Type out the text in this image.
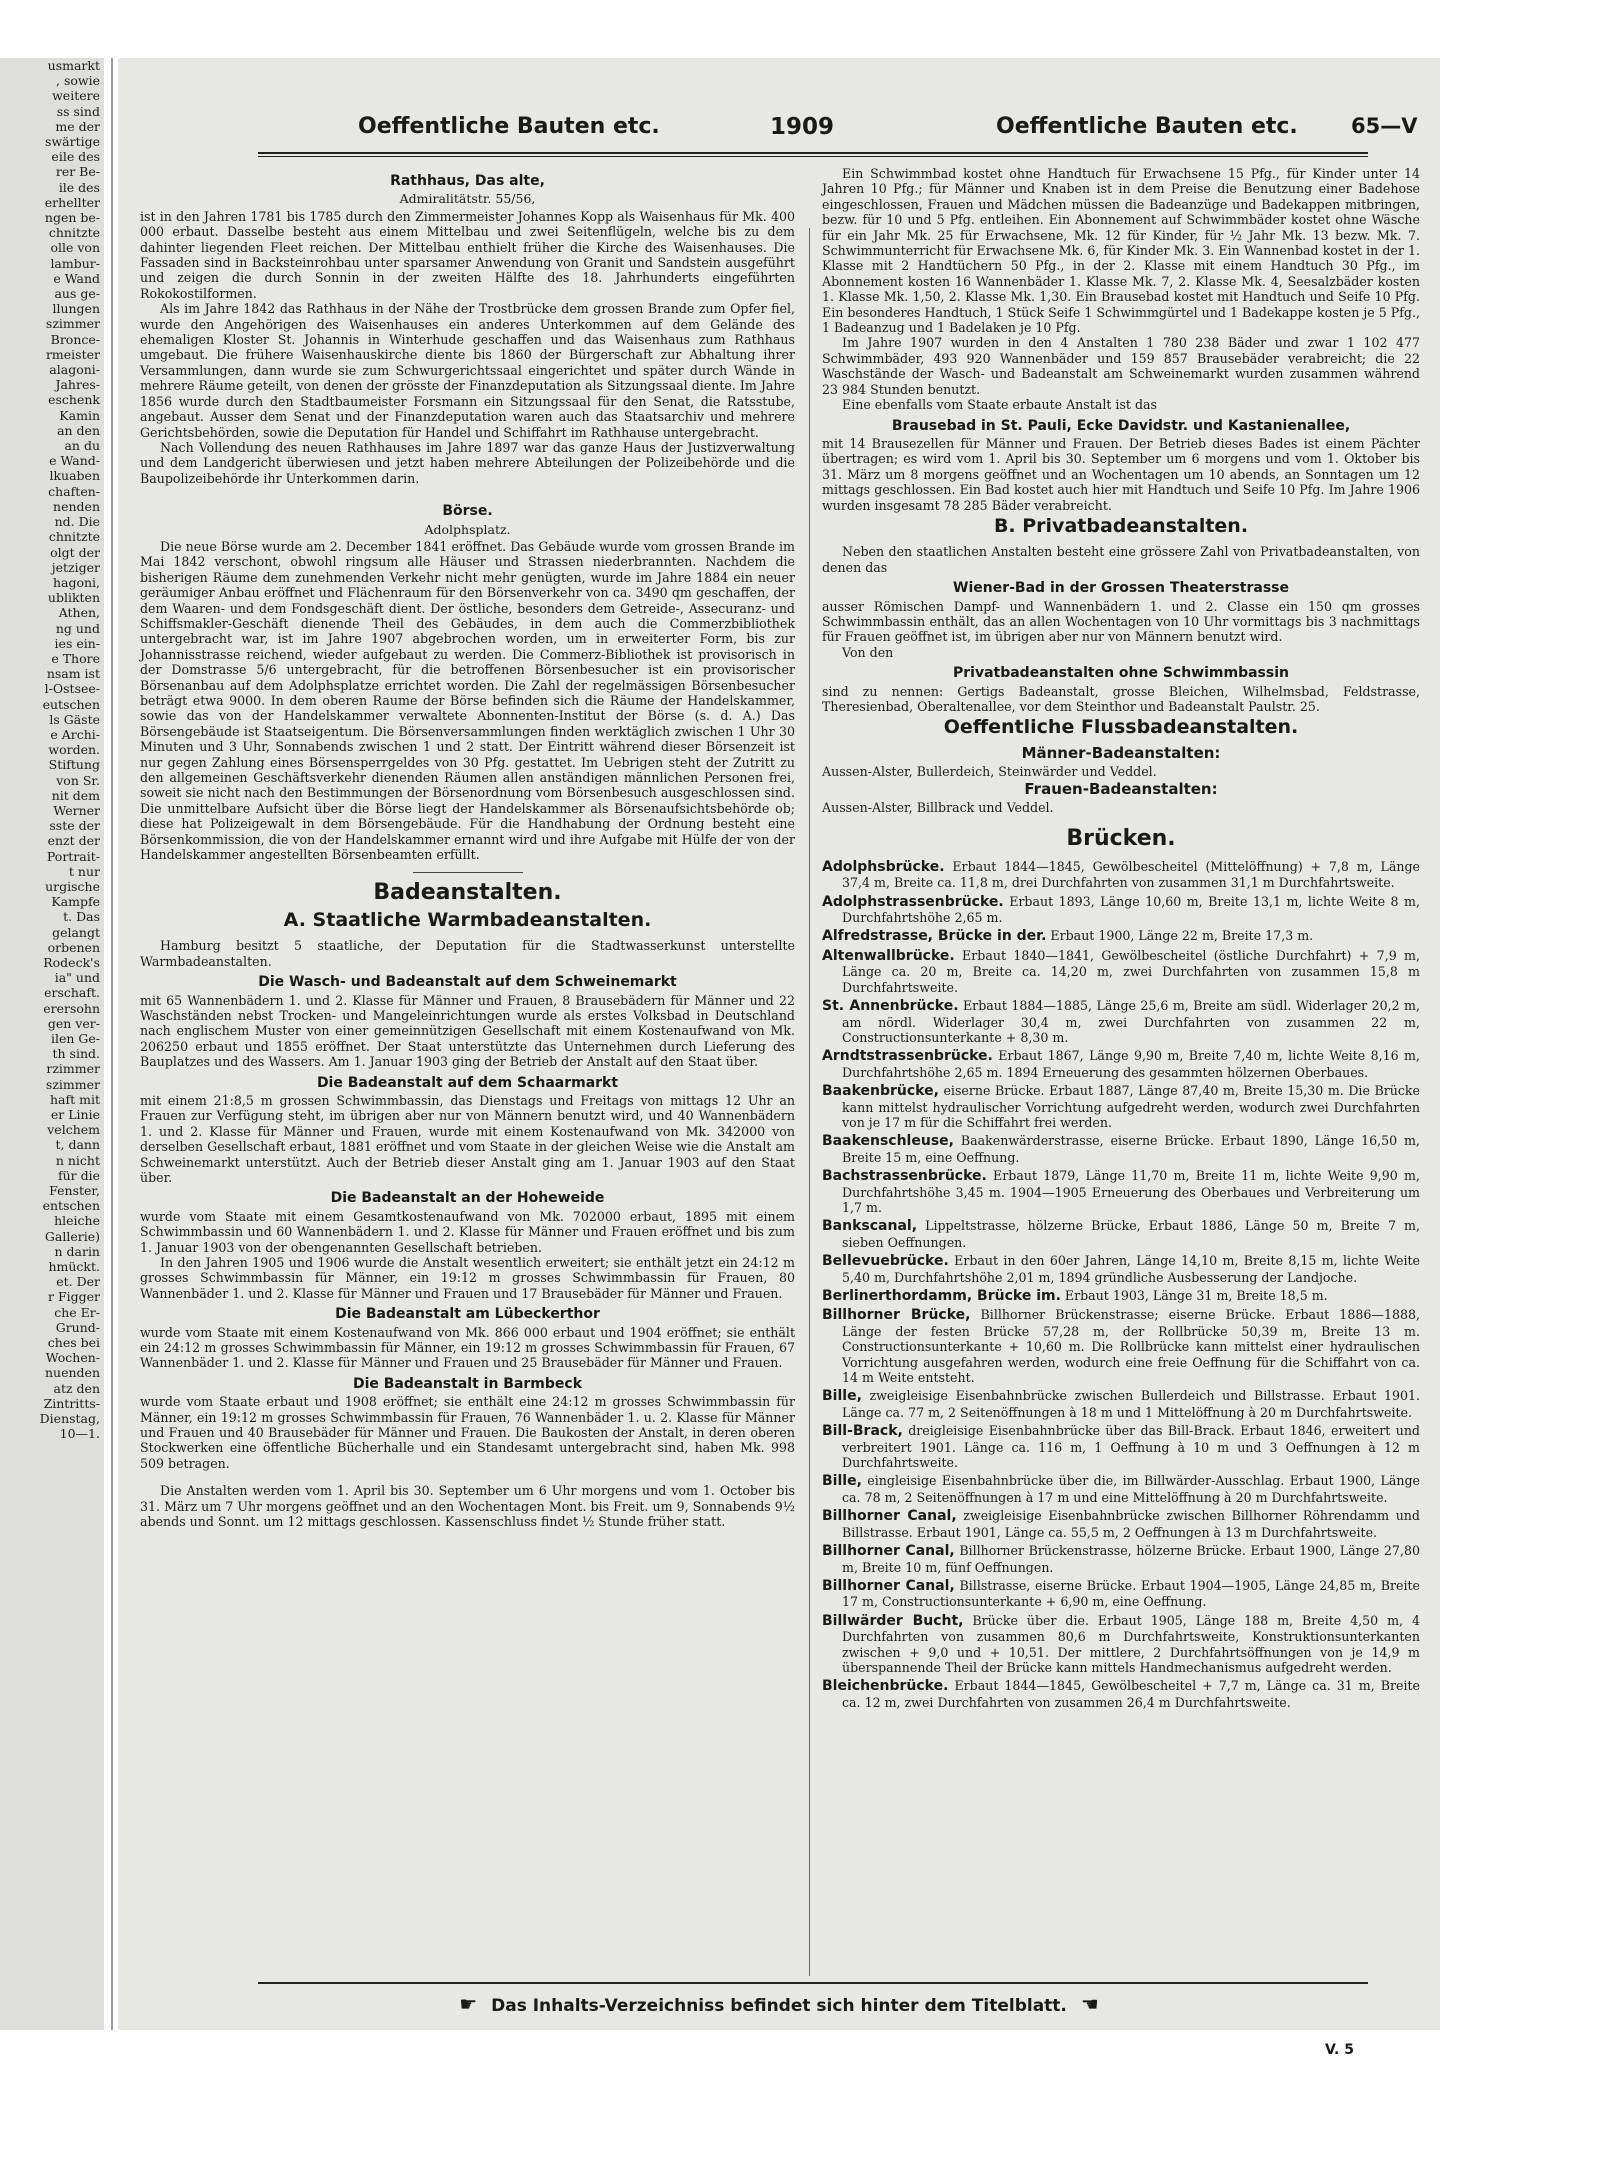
usmarkt
, sowie
weitere
ss sind
me der
swärtige
eile des
rer Be-
ile des
erhellter
ngen be-
chnitzte
olle von
lambur-
e Wand
aus ge-
llungen
szimmer
Bronce-
rmeister
alagoni-
Jahres-
eschenk
Kamin
an den
an du
e Wand-
lkuaben
chaften-
nenden
nd. Die
chnitzte
olgt der
jetziger
hagoni,
ublikten
Athen,
ng und
ies ein-
e Thore
nsam ist
l-Ostsee-
eutschen
ls Gäste
e Archi-
worden.
Stiftung
von Sr.
nit dem
Werner
sste der
enzt der
Portrait-
t nur
urgische
Kampfe
t. Das
gelangt
orbenen
Rodeck's
ia" und
erschaft.
erersohn
gen ver-
ilen Ge-
th sind.
rzimmer
szimmer
haft mit
er Linie
velchem
t, dann
n nicht
für die
Fenster,
entschen
hleiche
Gallerie)
n darin
hmückt.
et. Der
r Figger
che Er-
Grund-
ches bei
Wochen-
nuenden
atz den
Zintritts-
Dienstag,
10—1.
Oeffentliche Bauten etc.	1909	Oeffentliche Bauten etc.	65—V
Rathhaus, Das alte,
Admiralitätstr. 55/56,

ist in den Jahren 1781 bis 1785 durch den Zimmermeister Johannes Kopp als Waisenhaus für Mk. 400 000 erbaut. Dasselbe besteht aus einem Mittelbau und zwei Seitenflügeln, welche bis zu dem dahinter liegenden Fleet reichen. Der Mittelbau enthielt früher die Kirche des Waisenhauses. Die Fassaden sind in Backsteinrohbau unter sparsamer Anwendung von Granit und Sandstein ausgeführt und zeigen die durch Sonnin in der zweiten Hälfte des 18. Jahrhunderts eingeführten Rokokostilformen.

Als im Jahre 1842 das Rathhaus in der Nähe der Trostbrücke dem grossen Brande zum Opfer fiel, wurde den Angehörigen des Waisenhauses ein anderes Unterkommen auf dem Gelände des ehemaligen Kloster St. Johannis in Winterhude geschaffen und das Waisenhaus zum Rathhaus umgebaut. Die frühere Waisenhauskirche diente bis 1860 der Bürgerschaft zur Abhaltung ihrer Versammlungen, dann wurde sie zum Schwurgerichtssaal eingerichtet und später durch Wände in mehrere Räume geteilt, von denen der grösste der Finanzdeputation als Sitzungssaal diente. Im Jahre 1856 wurde durch den Stadtbaumeister Forsmann ein Sitzungssaal für den Senat, die Ratsstube, angebaut. Ausser dem Senat und der Finanzdeputation waren auch das Staatsarchiv und mehrere Gerichtsbehörden, sowie die Deputation für Handel und Schiffahrt im Rathhause untergebracht.

Nach Vollendung des neuen Rathhauses im Jahre 1897 war das ganze Haus der Justizverwaltung und dem Landgericht überwiesen und jetzt haben mehrere Abteilungen der Polizeibehörde und die Baupolizeibehörde ihr Unterkommen darin.

Börse.
Adolphsplatz.

Die neue Börse wurde am 2. December 1841 eröffnet. Das Gebäude wurde vom grossen Brande im Mai 1842 verschont, obwohl ringsum alle Häuser und Strassen niederbrannten. Nachdem die bisherigen Räume dem zunehmenden Verkehr nicht mehr genügten, wurde im Jahre 1884 ein neuer geräumiger Anbau eröffnet und Flächenraum für den Börsenverkehr von ca. 3490 qm geschaffen, der dem Waaren- und dem Fondsgeschäft dient. Der östliche, besonders dem Getreide-, Assecuranz- und Schiffsmakler-Geschäft dienende Theil des Gebäudes, in dem auch die Commerzbibliothek untergebracht war, ist im Jahre 1907 abgebrochen worden, um in erweiterter Form, bis zur Johannisstrasse reichend, wieder aufgebaut zu werden. Die Commerz-Bibliothek ist provisorisch in der Domstrasse 5/6 untergebracht, für die betroffenen Börsenbesucher ist ein provisorischer Börsenanbau auf dem Adolphsplatze errichtet worden. Die Zahl der regelmässigen Börsenbesucher beträgt etwa 9000. In dem oberen Raume der Börse befinden sich die Räume der Handelskammer, sowie das von der Handelskammer verwaltete Abonnenten-Institut der Börse (s. d. A.) Das Börsengebäude ist Staatseigentum. Die Börsenversammlungen finden werktäglich zwischen 1 Uhr 30 Minuten und 3 Uhr, Sonnabends zwischen 1 und 2 statt. Der Eintritt während dieser Börsenzeit ist nur gegen Zahlung eines Börsensperrgeldes von 30 Pfg. gestattet. Im Uebrigen steht der Zutritt zu den allgemeinen Geschäftsverkehr dienenden Räumen allen anständigen männlichen Personen frei, soweit sie nicht nach den Bestimmungen der Börsenordnung vom Börsenbesuch ausgeschlossen sind. Die unmittelbare Aufsicht über die Börse liegt der Handelskammer als Börsenaufsichtsbehörde ob; diese hat Polizeigewalt in dem Börsengebäude. Für die Handhabung der Ordnung besteht eine Börsenkommission, die von der Handelskammer ernannt wird und ihre Aufgabe mit Hülfe der von der Handelskammer angestellten Börsenbeamten erfüllt.

Badeanstalten.
A. Staatliche Warmbadeanstalten.

Hamburg besitzt 5 staatliche, der Deputation für die Stadtwasserkunst unterstellte Warmbadeanstalten.

Die Wasch- und Badeanstalt auf dem Schweinemarkt

mit 65 Wannenbädern 1. und 2. Klasse für Männer und Frauen, 8 Brausebädern für Männer und 22 Waschständen nebst Trocken- und Mangeleinrichtungen wurde als erstes Volksbad in Deutschland nach englischem Muster von einer gemeinnützigen Gesellschaft mit einem Kostenaufwand von Mk. 206250 erbaut und 1855 eröffnet. Der Staat unterstützte das Unternehmen durch Lieferung des Bauplatzes und des Wassers. Am 1. Januar 1903 ging der Betrieb der Anstalt auf den Staat über.

Die Badeanstalt auf dem Schaarmarkt

mit einem 21:8,5 m grossen Schwimmbassin, das Dienstags und Freitags von mittags 12 Uhr an Frauen zur Verfügung steht, im übrigen aber nur von Männern benutzt wird, und 40 Wannenbädern 1. und 2. Klasse für Männer und Frauen, wurde mit einem Kostenaufwand von Mk. 342000 von derselben Gesellschaft erbaut, 1881 eröffnet und vom Staate in der gleichen Weise wie die Anstalt am Schweinemarkt unterstützt. Auch der Betrieb dieser Anstalt ging am 1. Januar 1903 auf den Staat über.

Die Badeanstalt an der Hoheweide

wurde vom Staate mit einem Gesamtkostenaufwand von Mk. 702000 erbaut, 1895 mit einem Schwimmbassin und 60 Wannenbädern 1. und 2. Klasse für Männer und Frauen eröffnet und bis zum 1. Januar 1903 von der obengenannten Gesellschaft betrieben.

In den Jahren 1905 und 1906 wurde die Anstalt wesentlich erweitert; sie enthält jetzt ein 24:12 m grosses Schwimmbassin für Männer, ein 19:12 m grosses Schwimmbassin für Frauen, 80 Wannenbäder 1. und 2. Klasse für Männer und Frauen und 17 Brausebäder für Männer und Frauen.

Die Badeanstalt am Lübeckerthor

wurde vom Staate mit einem Kostenaufwand von Mk. 866 000 erbaut und 1904 eröffnet; sie enthält ein 24:12 m grosses Schwimmbassin für Männer, ein 19:12 m grosses Schwimmbassin für Frauen, 67 Wannenbäder 1. und 2. Klasse für Männer und Frauen und 25 Brausebäder für Männer und Frauen.

Die Badeanstalt in Barmbeck

wurde vom Staate erbaut und 1908 eröffnet; sie enthält eine 24:12 m grosses Schwimmbassin für Männer, ein 19:12 m grosses Schwimmbassin für Frauen, 76 Wannenbäder 1. u. 2. Klasse für Männer und Frauen und 40 Brausebäder für Männer und Frauen. Die Baukosten der Anstalt, in deren oberen Stockwerken eine öffentliche Bücherhalle und ein Standesamt untergebracht sind, haben Mk. 998 509 betragen.

Die Anstalten werden vom 1. April bis 30. September um 6 Uhr morgens und vom 1. October bis 31. März um 7 Uhr morgens geöffnet und an den Wochentagen Mont. bis Freit. um 9, Sonnabends 9½ abends und Sonnt. um 12 mittags geschlossen. Kassenschluss findet ½ Stunde früher statt.

Ein Schwimmbad kostet ohne Handtuch für Erwachsene 15 Pfg., für Kinder unter 14 Jahren 10 Pfg.; für Männer und Knaben ist in dem Preise die Benutzung einer Badehose eingeschlossen, Frauen und Mädchen müssen die Badeanzüge und Badekappen mitbringen, bezw. für 10 und 5 Pfg. entleihen. Ein Abonnement auf Schwimmbäder kostet ohne Wäsche für ein Jahr Mk. 25 für Erwachsene, Mk. 12 für Kinder, für ½ Jahr Mk. 13 bezw. Mk. 7. Schwimmunterricht für Erwachsene Mk. 6, für Kinder Mk. 3. Ein Wannenbad kostet in der 1. Klasse mit 2 Handtüchern 50 Pfg., in der 2. Klasse mit einem Handtuch 30 Pfg., im Abonnement kosten 16 Wannenbäder 1. Klasse Mk. 7, 2. Klasse Mk. 4, Seesalzbäder kosten 1. Klasse Mk. 1,50, 2. Klasse Mk. 1,30. Ein Brausebad kostet mit Handtuch und Seife 10 Pfg. Ein besonderes Handtuch, 1 Stück Seife 1 Schwimmgürtel und 1 Badekappe kosten je 5 Pfg., 1 Badeanzug und 1 Badelaken je 10 Pfg.

Im Jahre 1907 wurden in den 4 Anstalten 1 780 238 Bäder und zwar 1 102 477 Schwimmbäder, 493 920 Wannenbäder und 159 857 Brausebäder verabreicht; die 22 Waschstände der Wasch- und Badeanstalt am Schweinemarkt wurden zusammen während 23 984 Stunden benutzt.

Eine ebenfalls vom Staate erbaute Anstalt ist das

Brausebad in St. Pauli, Ecke Davidstr. und Kastanienallee,

mit 14 Brausezellen für Männer und Frauen. Der Betrieb dieses Bades ist einem Pächter übertragen; es wird vom 1. April bis 30. September um 6 morgens und vom 1. Oktober bis 31. März um 8 morgens geöffnet und an Wochentagen um 10 abends, an Sonntagen um 12 mittags geschlossen. Ein Bad kostet auch hier mit Handtuch und Seife 10 Pfg. Im Jahre 1906 wurden insgesamt 78 285 Bäder verabreicht.

B. Privatbadeanstalten.

Neben den staatlichen Anstalten besteht eine grössere Zahl von Privatbadeanstalten, von denen das

Wiener-Bad in der Grossen Theaterstrasse

ausser Römischen Dampf- und Wannenbädern 1. und 2. Classe ein 150 qm grosses Schwimmbassin enthält, das an allen Wochentagen von 10 Uhr vormittags bis 3 nachmittags für Frauen geöffnet ist, im übrigen aber nur von Männern benutzt wird.

Von den

Privatbadeanstalten ohne Schwimmbassin

sind zu nennen: Gertigs Badeanstalt, grosse Bleichen, Wilhelmsbad, Feldstrasse, Theresienbad, Oberaltenallee, vor dem Steinthor und Badeanstalt Paulstr. 25.

Oeffentliche Flussbadeanstalten.
Männer-Badeanstalten:

Aussen-Alster, Bullerdeich, Steinwärder und Veddel.

Frauen-Badeanstalten:

Aussen-Alster, Billbrack und Veddel.

Brücken.

Adolphsbrücke. Erbaut 1844—1845, Gewölbescheitel (Mittelöffnung) + 7,8 m, Länge 37,4 m, Breite ca. 11,8 m, drei Durchfahrten von zusammen 31,1 m Durchfahrtsweite.

Adolphstrassenbrücke. Erbaut 1893, Länge 10,60 m, Breite 13,1 m, lichte Weite 8 m, Durchfahrtshöhe 2,65 m.

Alfredstrasse, Brücke in der. Erbaut 1900, Länge 22 m, Breite 17,3 m.

Altenwallbrücke. Erbaut 1840—1841, Gewölbescheitel (östliche Durchfahrt) + 7,9 m, Länge ca. 20 m, Breite ca. 14,20 m, zwei Durchfahrten von zusammen 15,8 m Durchfahrtsweite.

St. Annenbrücke. Erbaut 1884—1885, Länge 25,6 m, Breite am südl. Widerlager 20,2 m, am nördl. Widerlager 30,4 m, zwei Durchfahrten von zusammen 22 m, Constructionsunterkante + 8,30 m.

Arndtstrassenbrücke. Erbaut 1867, Länge 9,90 m, Breite 7,40 m, lichte Weite 8,16 m, Durchfahrtshöhe 2,65 m. 1894 Erneuerung des gesammten hölzernen Oberbaues.

Baakenbrücke, eiserne Brücke. Erbaut 1887, Länge 87,40 m, Breite 15,30 m. Die Brücke kann mittelst hydraulischer Vorrichtung aufgedreht werden, wodurch zwei Durchfahrten von je 17 m für die Schiffahrt frei werden.

Baakenschleuse, Baakenwärderstrasse, eiserne Brücke. Erbaut 1890, Länge 16,50 m, Breite 15 m, eine Oeffnung.

Bachstrassenbrücke. Erbaut 1879, Länge 11,70 m, Breite 11 m, lichte Weite 9,90 m, Durchfahrtshöhe 3,45 m. 1904—1905 Erneuerung des Oberbaues und Verbreiterung um 1,7 m.

Bankscanal, Lippeltstrasse, hölzerne Brücke, Erbaut 1886, Länge 50 m, Breite 7 m, sieben Oeffnungen.

Bellevuebrücke. Erbaut in den 60er Jahren, Länge 14,10 m, Breite 8,15 m, lichte Weite 5,40 m, Durchfahrtshöhe 2,01 m, 1894 gründliche Ausbesserung der Landjoche.

Berlinerthordamm, Brücke im. Erbaut 1903, Länge 31 m, Breite 18,5 m.

Billhorner Brücke, Billhorner Brückenstrasse; eiserne Brücke. Erbaut 1886—1888, Länge der festen Brücke 57,28 m, der Rollbrücke 50,39 m, Breite 13 m. Constructionsunterkante + 10,60 m. Die Rollbrücke kann mittelst einer hydraulischen Vorrichtung ausgefahren werden, wodurch eine freie Oeffnung für die Schiffahrt von ca. 14 m Weite entsteht.

Bille, zweigleisige Eisenbahnbrücke zwischen Bullerdeich und Billstrasse. Erbaut 1901. Länge ca. 77 m, 2 Seitenöffnungen à 18 m und 1 Mittelöffnung à 20 m Durchfahrtsweite.

Bill-Brack, dreigleisige Eisenbahnbrücke über das Bill-Brack. Erbaut 1846, erweitert und verbreitert 1901. Länge ca. 116 m, 1 Oeffnung à 10 m und 3 Oeffnungen à 12 m Durchfahrtsweite.

Bille, eingleisige Eisenbahnbrücke über die, im Billwärder-Ausschlag. Erbaut 1900, Länge ca. 78 m, 2 Seitenöffnungen à 17 m und eine Mittelöffnung à 20 m Durchfahrtsweite.

Billhorner Canal, zweigleisige Eisenbahnbrücke zwischen Billhorner Röhrendamm und Billstrasse. Erbaut 1901, Länge ca. 55,5 m, 2 Oeffnungen à 13 m Durchfahrtsweite.

Billhorner Canal, Billhorner Brückenstrasse, hölzerne Brücke. Erbaut 1900, Länge 27,80 m, Breite 10 m, fünf Oeffnungen.

Billhorner Canal, Billstrasse, eiserne Brücke. Erbaut 1904—1905, Länge 24,85 m, Breite 17 m, Constructionsunterkante + 6,90 m, eine Oeffnung.

Billwärder Bucht, Brücke über die. Erbaut 1905, Länge 188 m, Breite 4,50 m, 4 Durchfahrten von zusammen 80,6 m Durchfahrtsweite, Konstruktionsunterkanten zwischen + 9,0 und + 10,51. Der mittlere, 2 Durchfahrtsöffnungen von je 14,9 m überspannende Theil der Brücke kann mittels Handmechanismus aufgedreht werden.

Bleichenbrücke. Erbaut 1844—1845, Gewölbescheitel + 7,7 m, Länge ca. 31 m, Breite ca. 12 m, zwei Durchfahrten von zusammen 26,4 m Durchfahrtsweite.

☛ Das Inhalts-Verzeichniss befindet sich hinter dem Titelblatt. ☚
V. 5
